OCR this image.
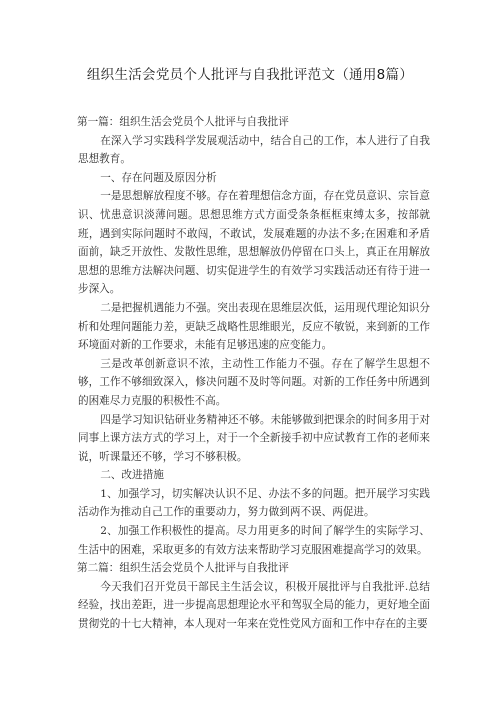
组织生活会党员个人批评与自我批评范文（通用8篇）

第一篇：组织生活会党员个人批评与自我批评

在深入学习实践科学发展观活动中，结合自己的工作，本人进行了自我思想教育。

一、存在问题及原因分析

一是思想解放程度不够。存在着理想信念方面，存在党员意识、宗旨意识、忧患意识淡薄问题。思想思维方式方面受条条框框束缚太多，按部就班，遇到实际问题时不敢闯，不敢试，发展难题的办法不多;在困难和矛盾面前，缺乏开放性、发散性思维，思想解放仍停留在口头上，真正在用解放思想的思维方法解决问题、切实促进学生的有效学习实践活动还有待于进一步深入。

二是把握机遇能力不强。突出表现在思维层次低，运用现代理论知识分析和处理问题能力差，更缺乏战略性思维眼光，反应不敏锐，来到新的工作环境面对新的工作要求，未能有足够迅速的应变能力。

三是改革创新意识不浓，主动性工作能力不强。存在了解学生思想不够，工作不够细致深入，修决问题不及时等问题。对新的工作任务中所遇到的困难尽力克服的积极性不高。

四是学习知识钻研业务精神还不够。未能够做到把课余的时间多用于对同事上课方法方式的学习上，对于一个全新接手初中应试教育工作的老师来说，听课量还不够，学习不够积极。

二、改进措施

1、加强学习，切实解决认识不足、办法不多的问题。把开展学习实践活动作为推动自己工作的重要动力，努力做到两不误、两促进。

2、加强工作积极性的提高。尽力用更多的时间了解学生的实际学习、生活中的困难，采取更多的有效方法来帮助学习克服困难提高学习的效果。

第二篇：组织生活会党员个人批评与自我批评

今天我们召开党员干部民主生活会议，积极开展批评与自我批评.总结经验，找出差距，进一步提高思想理论水平和驾驭全局的能力，更好地全面贯彻党的十七大精神，本人现对一年来在党性党风方面和工作中存在的主要
